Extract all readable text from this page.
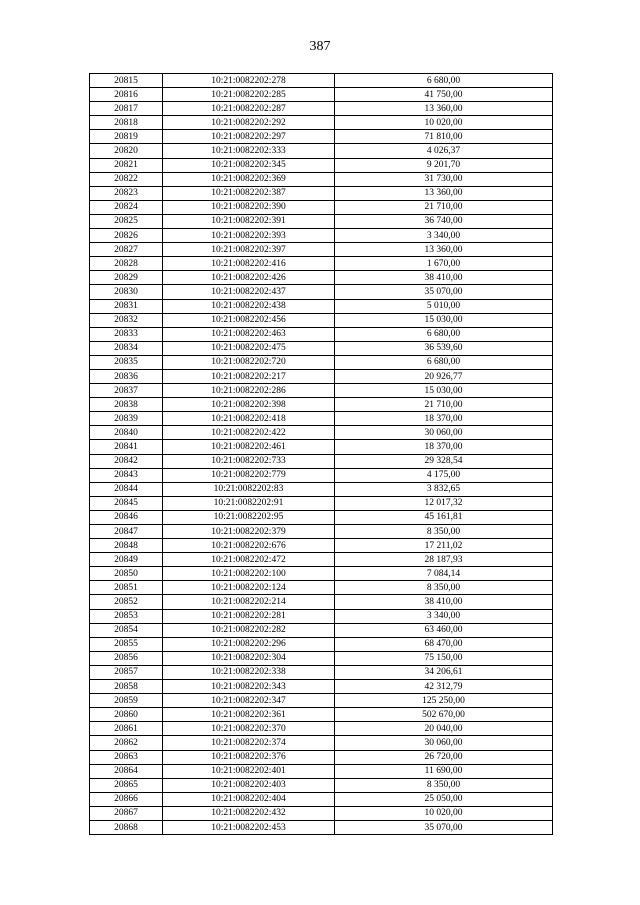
387
20815	10:21:0082202:278	6 680,00
20816	10:21:0082202:285	41 750,00
20817	10:21:0082202:287	13 360,00
20818	10:21:0082202:292	10 020,00
20819	10:21:0082202:297	71 810,00
20820	10:21:0082202:333	4 026,37
20821	10:21:0082202:345	9 201,70
20822	10:21:0082202:369	31 730,00
20823	10:21:0082202:387	13 360,00
20824	10:21:0082202:390	21 710,00
20825	10:21:0082202:391	36 740,00
20826	10:21:0082202:393	3 340,00
20827	10:21:0082202:397	13 360,00
20828	10:21:0082202:416	1 670,00
20829	10:21:0082202:426	38 410,00
20830	10:21:0082202:437	35 070,00
20831	10:21:0082202:438	5 010,00
20832	10:21:0082202:456	15 030,00
20833	10:21:0082202:463	6 680,00
20834	10:21:0082202:475	36 539,60
20835	10:21:0082202:720	6 680,00
20836	10:21:0082202:217	20 926,77
20837	10:21:0082202:286	15 030,00
20838	10:21:0082202:398	21 710,00
20839	10:21:0082202:418	18 370,00
20840	10:21:0082202:422	30 060,00
20841	10:21:0082202:461	18 370,00
20842	10:21:0082202:733	29 328,54
20843	10:21:0082202:779	4 175,00
20844	10:21:0082202:83	3 832,65
20845	10:21:0082202:91	12 017,32
20846	10:21:0082202:95	45 161,81
20847	10:21:0082202:379	8 350,00
20848	10:21:0082202:676	17 211,02
20849	10:21:0082202:472	28 187,93
20850	10:21:0082202:100	7 084,14
20851	10:21:0082202:124	8 350,00
20852	10:21:0082202:214	38 410,00
20853	10:21:0082202:281	3 340,00
20854	10:21:0082202:282	63 460,00
20855	10:21:0082202:296	68 470,00
20856	10:21:0082202:304	75 150,00
20857	10:21:0082202:338	34 206,61
20858	10:21:0082202:343	42 312,79
20859	10:21:0082202:347	125 250,00
20860	10:21:0082202:361	502 670,00
20861	10:21:0082202:370	20 040,00
20862	10:21:0082202:374	30 060,00
20863	10:21:0082202:376	26 720,00
20864	10:21:0082202:401	11 690,00
20865	10:21:0082202:403	8 350,00
20866	10:21:0082202:404	25 050,00
20867	10:21:0082202:432	10 020,00
20868	10:21:0082202:453	35 070,00
